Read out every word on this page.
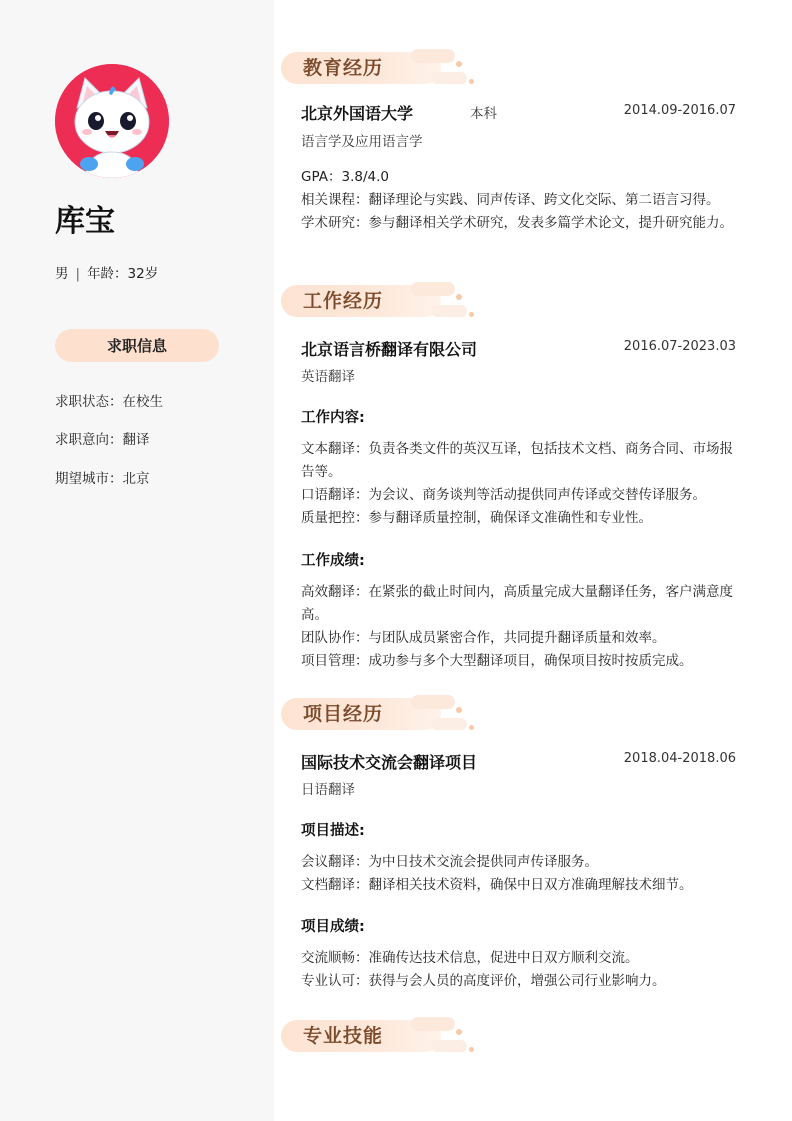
库宝
男 | 年龄：32岁
求职信息
求职状态：在校生
求职意向：翻译
期望城市：北京
教育经历
北京外国语大学	本科	2014.09-2016.07
语言学及应用语言学
GPA：3.8/4.0
相关课程：翻译理论与实践、同声传译、跨文化交际、第二语言习得。
学术研究：参与翻译相关学术研究，发表多篇学术论文，提升研究能力。
工作经历
北京语言桥翻译有限公司	2016.07-2023.03
英语翻译
工作内容:
文本翻译：负责各类文件的英汉互译，包括技术文档、商务合同、市场报告等。
口语翻译：为会议、商务谈判等活动提供同声传译或交替传译服务。
质量把控：参与翻译质量控制，确保译文准确性和专业性。
工作成绩:
高效翻译：在紧张的截止时间内，高质量完成大量翻译任务，客户满意度高。
团队协作：与团队成员紧密合作，共同提升翻译质量和效率。
项目管理：成功参与多个大型翻译项目，确保项目按时按质完成。
项目经历
国际技术交流会翻译项目	2018.04-2018.06
日语翻译
项目描述:
会议翻译：为中日技术交流会提供同声传译服务。
文档翻译：翻译相关技术资料，确保中日双方准确理解技术细节。
项目成绩:
交流顺畅：准确传达技术信息，促进中日双方顺利交流。
专业认可：获得与会人员的高度评价，增强公司行业影响力。
专业技能
